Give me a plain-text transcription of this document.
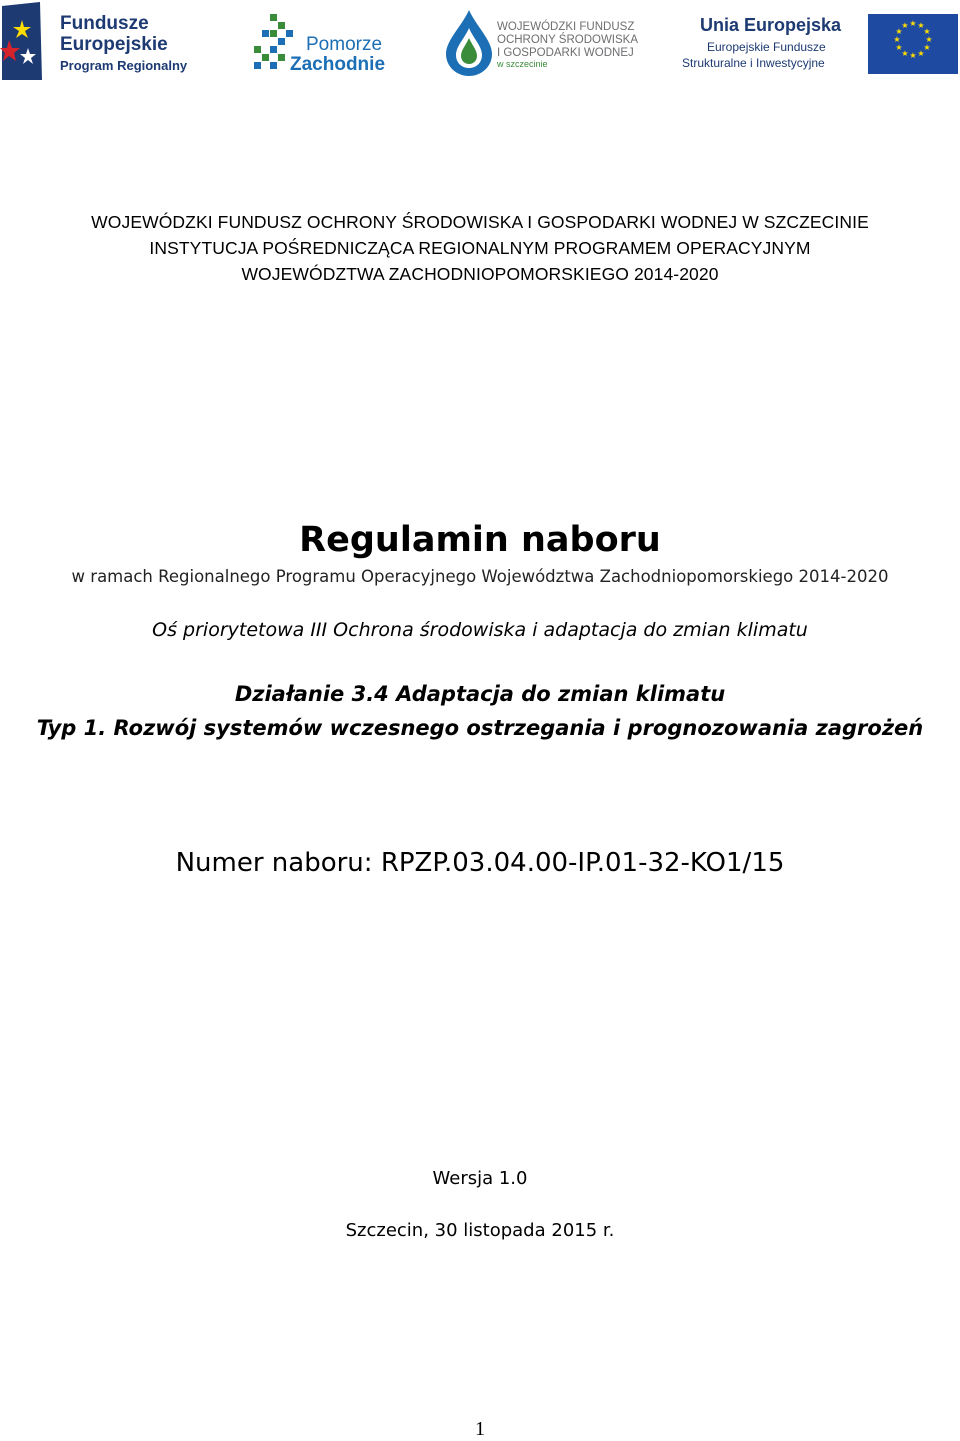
Fundusze
Europejskie
Program Regionalny
Pomorze
Zachodnie
WOJEWÓDZKI FUNDUSZ
OCHRONY ŚRODOWISKA
I GOSPODARKI WODNEJ
w szczecinie
Unia Europejska
Europejskie Fundusze
Strukturalne i Inwestycyjne
★ ★
★
★
★
★
★
★
★
★
★
★
WOJEWÓDZKI FUNDUSZ OCHRONY ŚRODOWISKA I GOSPODARKI WODNEJ W SZCZECINIE
INSTYTUCJA POŚREDNICZĄCA REGIONALNYM PROGRAMEM OPERACYJNYM
WOJEWÓDZTWA ZACHODNIOPOMORSKIEGO 2014-2020
Regulamin naboru
w ramach Regionalnego Programu Operacyjnego Województwa Zachodniopomorskiego 2014-2020
Oś priorytetowa III Ochrona środowiska i adaptacja do zmian klimatu
Działanie 3.4 Adaptacja do zmian klimatu
Typ 1. Rozwój systemów wczesnego ostrzegania i prognozowania zagrożeń
Numer naboru: RPZP.03.04.00-IP.01-32-KO1/15
Wersja 1.0
Szczecin, 30 listopada 2015 r.
1
